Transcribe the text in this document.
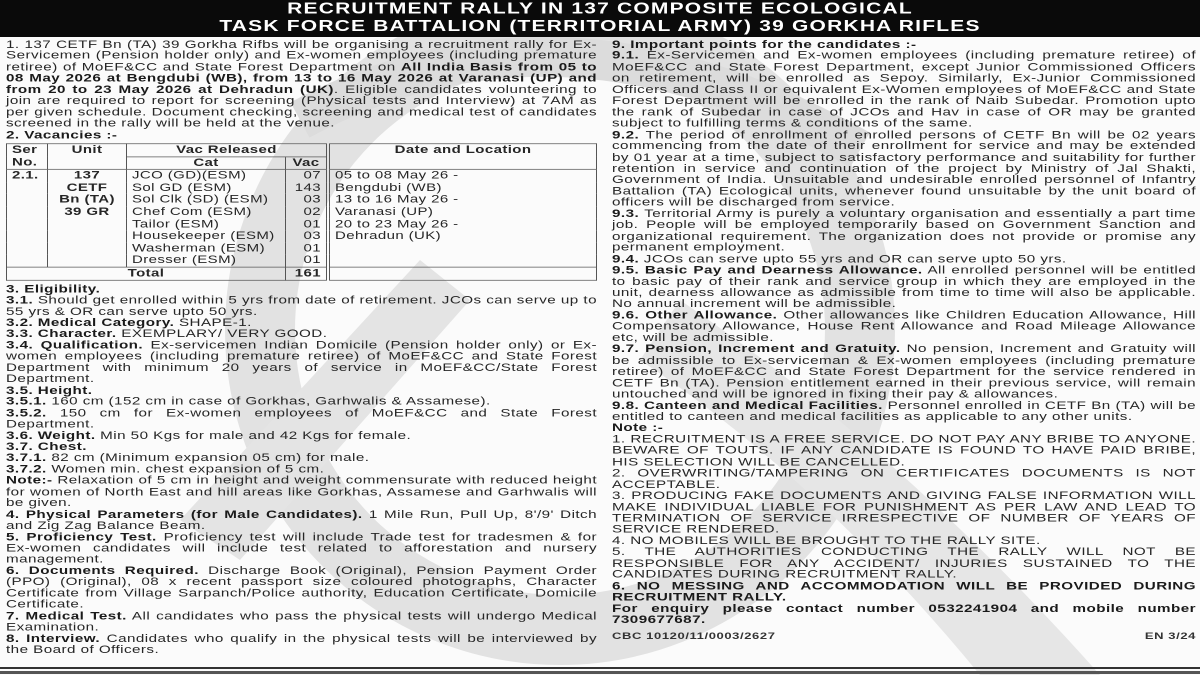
RECRUITMENT RALLY IN 137 COMPOSITE ECOLOGICAL
TASK FORCE BATTALION (TERRITORIAL ARMY) 39 GORKHA RIFLES

1. 137 CETF Bn (TA) 39 Gorkha Rifbs will be organising a recruitment rally for Ex-Servicemen (Pension holder only) and Ex-women employees (including premature retiree) of MoEF&CC and State Forest Department on All India Basis from 05 to 08 May 2026 at Bengdubi (WB), from 13 to 16 May 2026 at Varanasi (UP) and from 20 to 23 May 2026 at Dehradun (UK). Eligible candidates volunteering to join are required to report for screening (Physical tests and Interview) at 7AM as per given schedule. Document checking, screening and medical test of candidates screened in the rally will be held at the venue.

2. Vacancies :-

Ser No.	Unit	Vac Released		Date and Location
		Cat	Vac	
2.1.	137
CETF
Bn (TA)
39 GR	JCO (GD)(ESM)	07	05 to 08 May 26 -
		Sol GD (ESM)	143	Bengdubi (WB)
		Sol Clk (SD) (ESM)	03	13 to 16 May 26 -
		Chef Com (ESM)	02	Varanasi (UP)
		Tailor (ESM)	01	20 to 23 May 26 -
		Housekeeper (ESM)	03	Dehradun (UK)
		Washerman (ESM)	01	
		Dresser (ESM)	01	
Total			161	

3. Eligibility.

3.1. Should get enrolled within 5 yrs from date of retirement. JCOs can serve up to 55 yrs & OR can serve upto 50 yrs.

3.2. Medical Category. SHAPE-1.

3.3. Character. EXEMPLARY/ VERY GOOD.

3.4. Qualification. Ex-servicemen Indian Domicile (Pension holder only) or Ex-women employees (including premature retiree) of MoEF&CC and State Forest Department with minimum 20 years of service in MoEF&CC/State Forest Department.

3.5. Height.

3.5.1. 160 cm (152 cm in case of Gorkhas, Garhwalis & Assamese).

3.5.2. 150 cm for Ex-women employees of MoEF&CC and State Forest Department.

3.6. Weight. Min 50 Kgs for male and 42 Kgs for female.

3.7. Chest.

3.7.1. 82 cm (Minimum expansion 05 cm) for male.

3.7.2. Women min. chest expansion of 5 cm.

Note:- Relaxation of 5 cm in height and weight commensurate with reduced height for women of North East and hill areas like Gorkhas, Assamese and Garhwalis will be given.

4. Physical Parameters (for Male Candidates). 1 Mile Run, Pull Up, 8'/9' Ditch and Zig Zag Balance Beam.

5. Proficiency Test. Proficiency test will include Trade test for tradesmen & for Ex-women candidates will include test related to afforestation and nursery management.

6. Documents Required. Discharge Book (Original), Pension Payment Order (PPO) (Original), 08 x recent passport size coloured photographs, Character Certificate from Village Sarpanch/Police authority, Education Certificate, Domicile Certificate.

7. Medical Test. All candidates who pass the physical tests will undergo Medical Examination.

8. Interview. Candidates who qualify in the physical tests will be interviewed by the Board of Officers.

9. Important points for the candidates :-

9.1. Ex-Servicemen and Ex-women employees (including premature retiree) of MoEF&CC and State Forest Department, except Junior Commissioned Officers on retirement, will be enrolled as Sepoy. Similarly, Ex-Junior Commissioned Officers and Class II or equivalent Ex-Women employees of MoEF&CC and State Forest Department will be enrolled in the rank of Naib Subedar. Promotion upto the rank of Subedar in case of JCOs and Hav in case of OR may be granted subject to fulfilling terms & conditions of the same.

9.2. The period of enrollment of enrolled persons of CETF Bn will be 02 years commencing from the date of their enrollment for service and may be extended by 01 year at a time, subject to satisfactory performance and suitability for further retention in service and continuation of the project by Ministry of Jal Shakti, Government of India. Unsuitable and undesirable enrolled personnel of Infantry Battalion (TA) Ecological units, whenever found unsuitable by the unit board of officers will be discharged from service.

9.3. Territorial Army is purely a voluntary organisation and essentially a part time job. People will be employed temporarily based on Government Sanction and organizational requirement. The organization does not provide or promise any permanent employment.

9.4. JCOs can serve upto 55 yrs and OR can serve upto 50 yrs.

9.5. Basic Pay and Dearness Allowance. All enrolled personnel will be entitled to basic pay of their rank and service group in which they are employed in the unit, dearness allowance as admissible from time to time will also be applicable. No annual increment will be admissible.

9.6. Other Allowance. Other allowances like Children Education Allowance, Hill Compensatory Allowance, House Rent Allowance and Road Mileage Allowance etc, will be admissible.

9.7. Pension, Increment and Gratuity. No pension, Increment and Gratuity will be admissible to Ex-serviceman & Ex-women employees (including premature retiree) of MoEF&CC and State Forest Department for the service rendered in CETF Bn (TA). Pension entitlement earned in their previous service, will remain untouched and will be ignored in fixing their pay & allowances.

9.8. Canteen and Medical Facilities. Personnel enrolled in CETF Bn (TA) will be entitled to canteen and medical facilities as applicable to any other units.

Note :-

1. RECRUITMENT IS A FREE SERVICE. DO NOT PAY ANY BRIBE TO ANYONE. BEWARE OF TOUTS. IF ANY CANDIDATE IS FOUND TO HAVE PAID BRIBE, HIS SELECTION WILL BE CANCELLED.

2. OVERWRITING/TAMPERING ON CERTIFICATES DOCUMENTS IS NOT ACCEPTABLE.

3. PRODUCING FAKE DOCUMENTS AND GIVING FALSE INFORMATION WILL MAKE INDIVIDUAL LIABLE FOR PUNISHMENT AS PER LAW AND LEAD TO TERMINATION OF SERVICE IRRESPECTIVE OF NUMBER OF YEARS OF SERVICE RENDERED.

4. NO MOBILES WILL BE BROUGHT TO THE RALLY SITE.

5. THE AUTHORITIES CONDUCTING THE RALLY WILL NOT BE RESPONSIBLE FOR ANY ACCIDENT/ INJURIES SUSTAINED TO THE CANDIDATES DURING RECRUITMENT RALLY.

6. NO MESSING AND ACCOMMODATION WILL BE PROVIDED DURING RECRUITMENT RALLY.

For enquiry please contact number 0532241904 and mobile number 7309677687.

CBC 10120/11/0003/2627	EN 3/24
